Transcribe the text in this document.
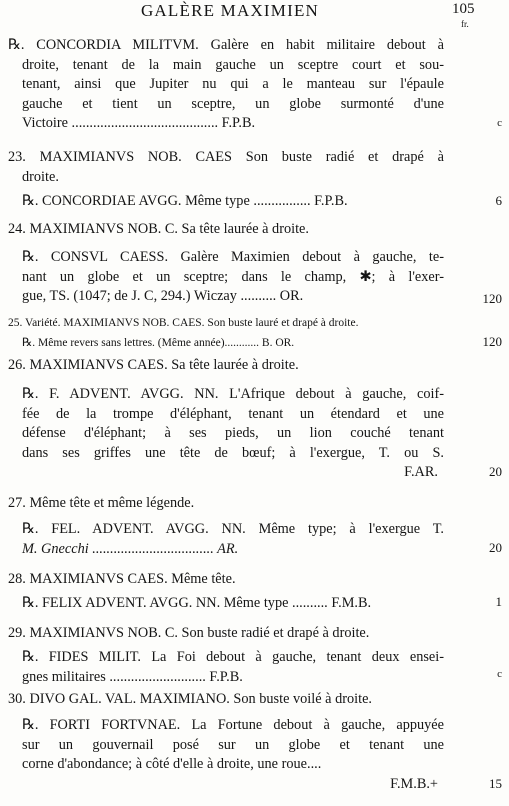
GALÈRE MAXIMIEN	105
fr.
℞. CONCORDIA MILITVM. Galère en habit militaire debout à
droite, tenant de la main gauche un sceptre court et sou-
tenant, ainsi que Jupiter nu qui a le manteau sur l'épaule
gauche et tient un sceptre, un globe surmonté d'une
Victoire ......................................... F.P.B.	c
23. MAXIMIANVS NOB. CAES Son buste radié et drapé à
droite.
℞. CONCORDIAE AVGG. Même type ................ F.P.B.	6
24. MAXIMIANVS NOB. C. Sa tête laurée à droite.
℞. CONSVL CAESS. Galère Maximien debout à gauche, te-
nant un globe et un sceptre; dans le champ, ✱; à l'exer-
gue, TS. (1047; de J. C, 294.) Wiczay .......... OR.	120
25. Variété. MAXIMIANVS NOB. CAES. Son buste lauré et drapé à droite.
℞. Même revers sans lettres. (Même année)............ B. OR.	120
26. MAXIMIANVS CAES. Sa tête laurée à droite.
℞. F. ADVENT. AVGG. NN. L'Afrique debout à gauche, coif-
fée de la trompe d'éléphant, tenant un étendard et une
défense d'éléphant; à ses pieds, un lion couché tenant
dans ses griffes une tête de bœuf; à l'exergue, T. ou S.
F.AR.	20
27. Même tête et même légende.
℞. FEL. ADVENT. AVGG. NN. Même type; à l'exergue T.
M. Gnecchi .................................. AR.	20
28. MAXIMIANVS CAES. Même tête.
℞. FELIX ADVENT. AVGG. NN. Même type .......... F.M.B.	1
29. MAXIMIANVS NOB. C. Son buste radié et drapé à droite.
℞. FIDES MILIT. La Foi debout à gauche, tenant deux ensei-
gnes militaires ........................... F.P.B.	c
30. DIVO GAL. VAL. MAXIMIANO. Son buste voilé à droite.
℞. FORTI FORTVNAE. La Fortune debout à gauche, appuyée
sur un gouvernail posé sur un globe et tenant une
corne d'abondance; à côté d'elle à droite, une roue....
F.M.B.+	15
